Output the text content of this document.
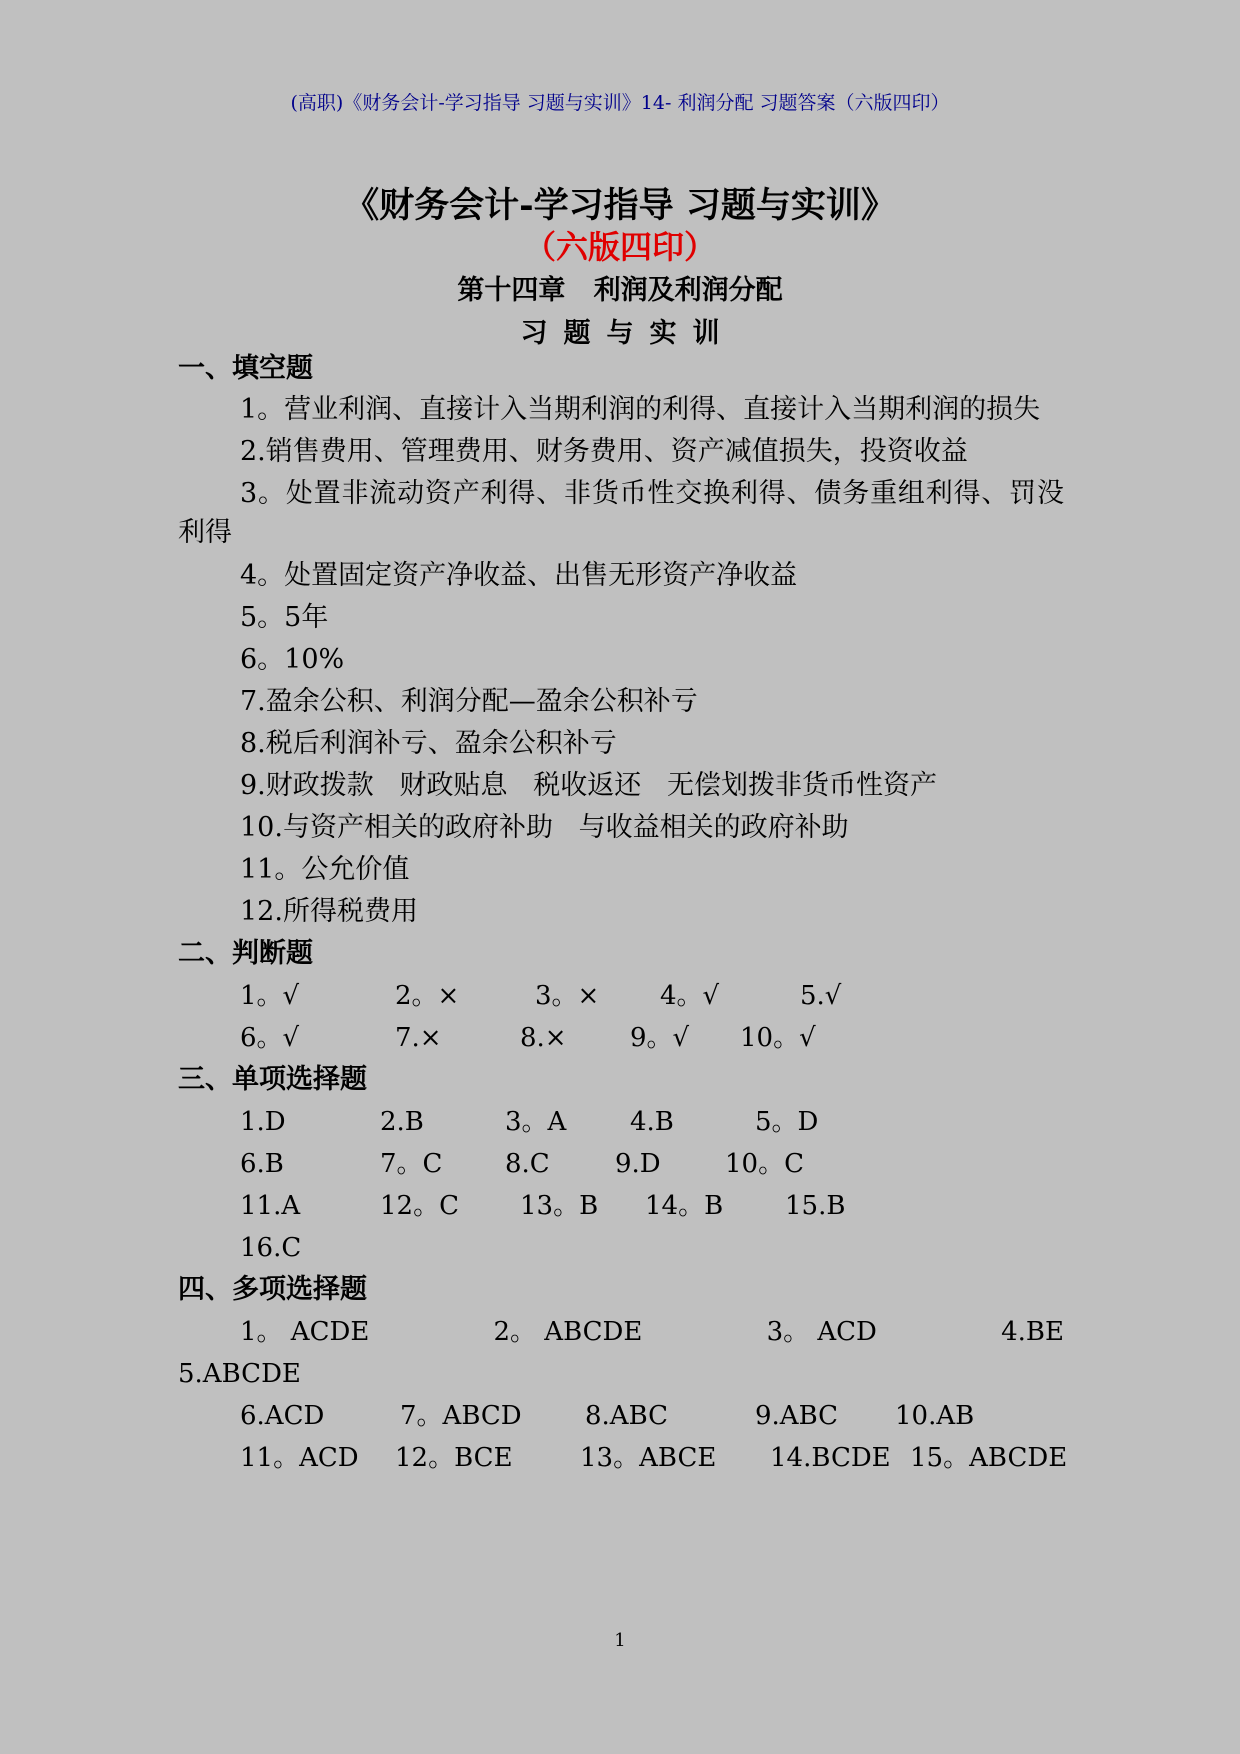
(高职)《财务会计-学习指导 习题与实训》14- 利润分配 习题答案（六版四印）
《财务会计-学习指导 习题与实训》
（六版四印）
第十四章   利润及利润分配
习题与实训
一、填空题
1。营业利润、直接计入当期利润的利得、直接计入当期利润的损失
2.销售费用、管理费用、财务费用、资产减值损失，投资收益
3。处置非流动资产利得、非货币性交换利得、债务重组利得、罚没利得
4。处置固定资产净收益、出售无形资产净收益
5。5年
6。10%
7.盈余公积、利润分配—盈余公积补亏
8.税后利润补亏、盈余公积补亏
9.财政拨款   财政贴息   税收返还   无偿划拨非货币性资产
10.与资产相关的政府补助   与收益相关的政府补助
11。公允价值
12.所得税费用
二、判断题
1。√	2。×	3。×	4。√	5.√
6。√	7.×	8.×	9。√	10。√
三、单项选择题
1.D	2.B	3。A	4.B	5。D
6.B	7。C	8.C	9.D	10。C
11.A	12。C	13。B	14。B	15.B
16.C
四、多项选择题
1。 ACDE	2。 ABCDE	3。 ACD	4.BE
5.ABCDE
6.ACD	7。ABCD	8.ABC	9.ABC	10.AB
11。ACD	12。BCE	13。ABCE	14.BCDE 15。ABCDE
1
